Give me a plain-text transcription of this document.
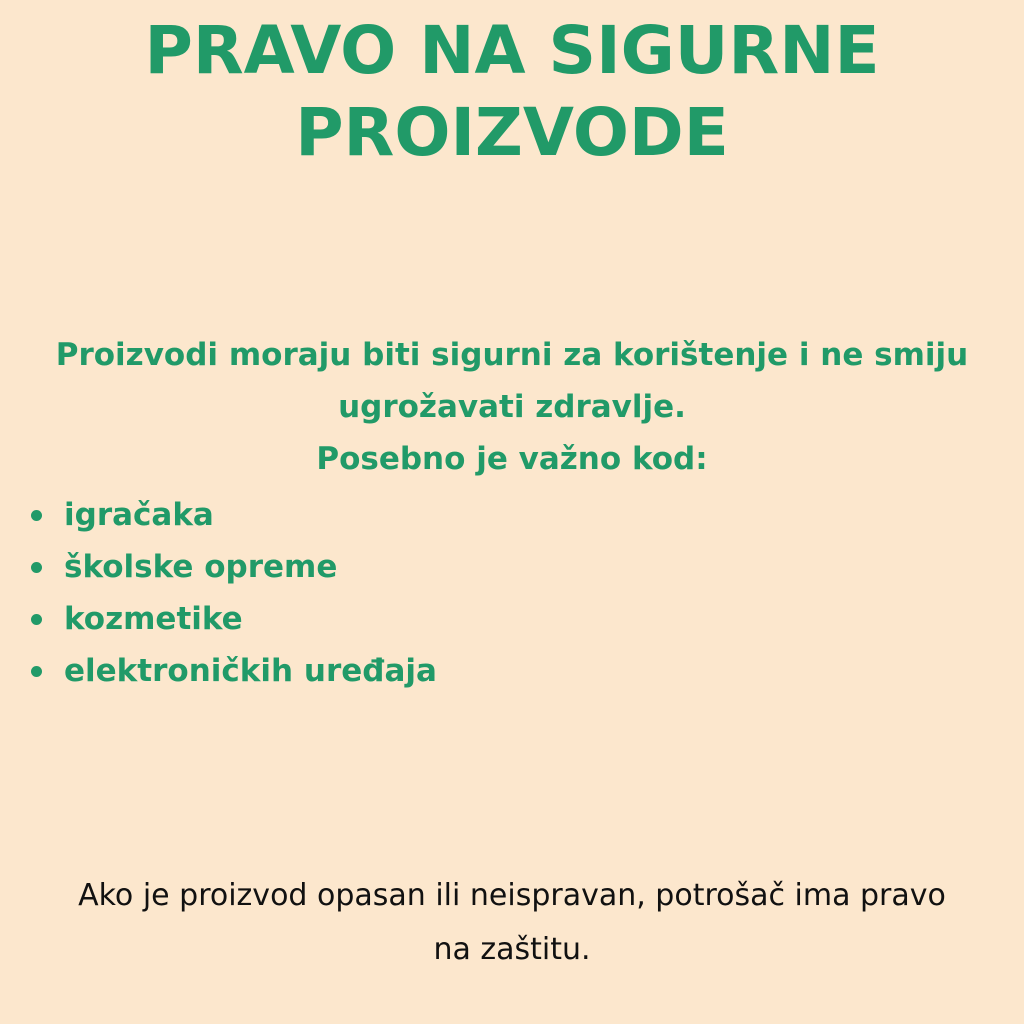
PRAVO NA SIGURNE
PROIZVODE

Proizvodi moraju biti sigurni za korištenje i ne smiju
ugrožavati zdravlje.
Posebno je važno kod:

igračaka
školske opreme
kozmetike
elektroničkih uređaja

Ako je proizvod opasan ili neispravan, potrošač ima pravo
na zaštitu.
